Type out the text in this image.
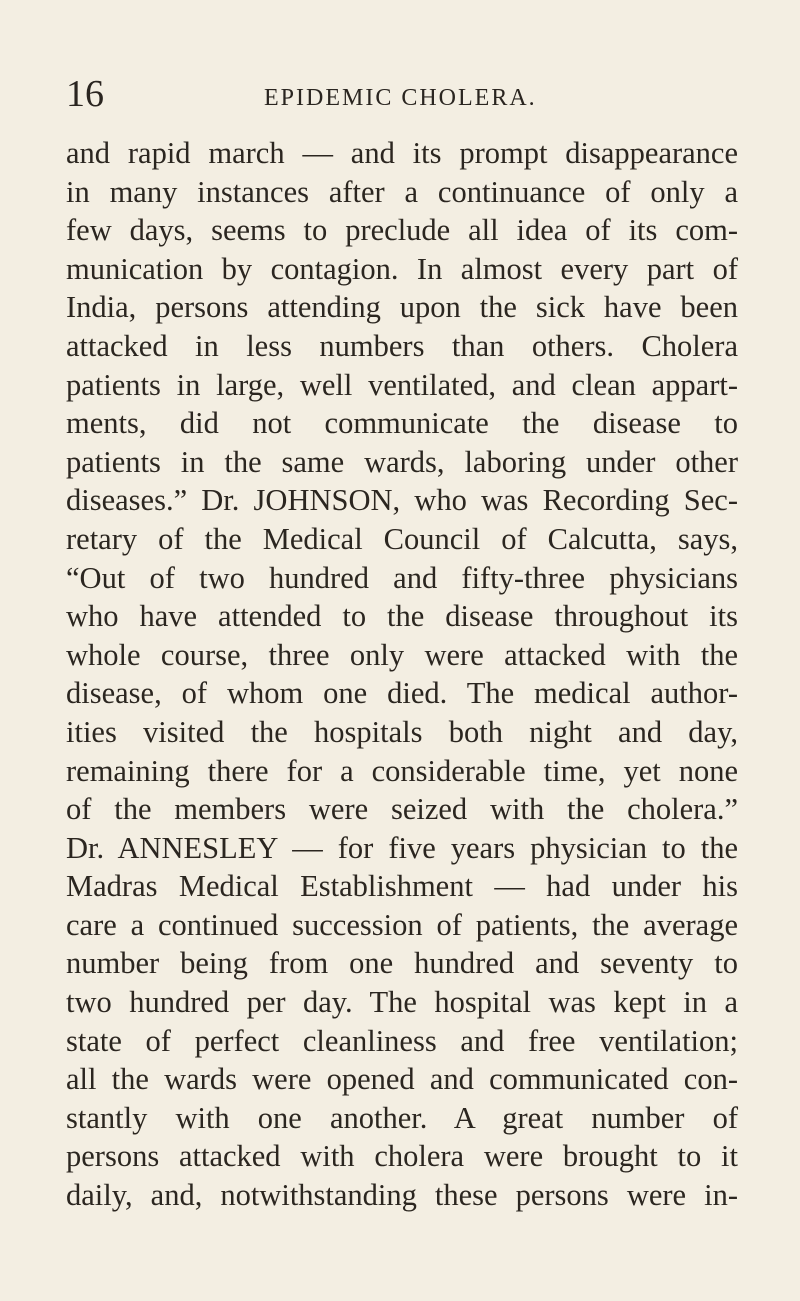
16	EPIDEMIC CHOLERA.
and rapid march — and its prompt disappearance
in many instances after a continuance of only a
few days, seems to preclude all idea of its com-
munication by contagion. In almost every part of
India, persons attending upon the sick have been
attacked in less numbers than others. Cholera
patients in large, well ventilated, and clean appart-
ments, did not communicate the disease to
patients in the same wards, laboring under other
diseases.” Dr. JOHNSON, who was Recording Sec-
retary of the Medical Council of Calcutta, says,
“Out of two hundred and fifty-three physicians
who have attended to the disease throughout its
whole course, three only were attacked with the
disease, of whom one died. The medical author-
ities visited the hospitals both night and day,
remaining there for a considerable time, yet none
of the members were seized with the cholera.”
Dr. ANNESLEY — for five years physician to the
Madras Medical Establishment — had under his
care a continued succession of patients, the average
number being from one hundred and seventy to
two hundred per day. The hospital was kept in a
state of perfect cleanliness and free ventilation;
all the wards were opened and communicated con-
stantly with one another. A great number of
persons attacked with cholera were brought to it
daily, and, notwithstanding these persons were in-
